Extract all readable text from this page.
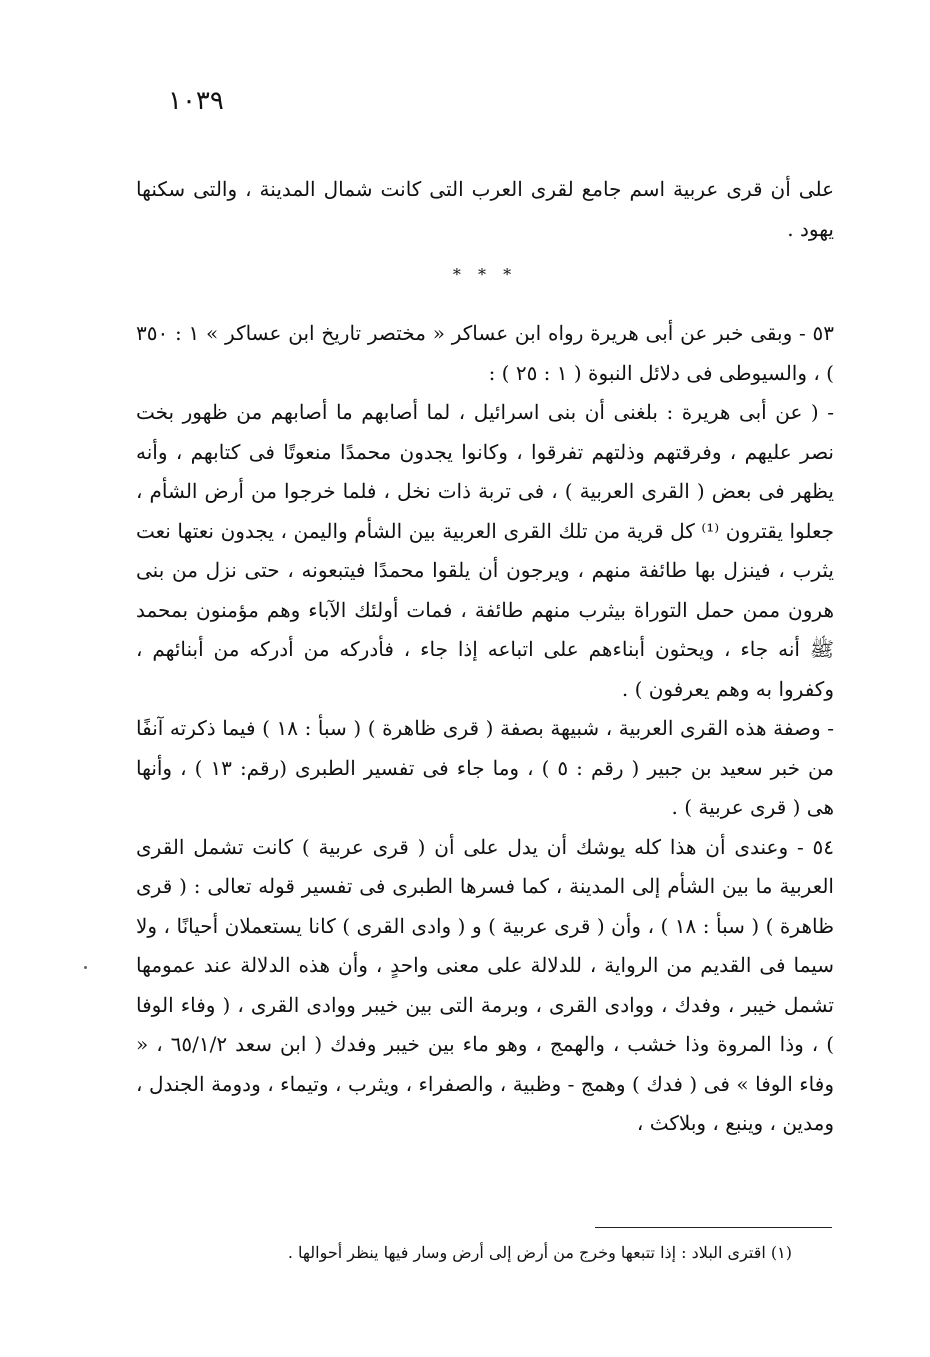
١٠٣٩

على أن قرى عربية اسم جامع لقرى العرب التى كانت شمال المدينة ، والتى سكنها يهود .

* * *

٥٣ - وبقى خبر عن أبى هريرة رواه ابن عساكر « مختصر تاريخ ابن عساكر » ١ : ٣٥٠ ) ، والسيوطى فى دلائل النبوة ( ١ : ٢٥ ) :

- ( عن أبى هريرة : بلغنى أن بنى اسرائيل ، لما أصابهم ما أصابهم من ظهور بخت نصر عليهم ، وفرقتهم وذلتهم تفرقوا ، وكانوا يجدون محمدًا منعوتًا فى كتابهم ، وأنه يظهر فى بعض ( القرى العربية ) ، فى تربة ذات نخل ، فلما خرجوا من أرض الشأم ، جعلوا يقترون ⁽¹⁾ كل قرية من تلك القرى العربية بين الشأم واليمن ، يجدون نعتها نعت يثرب ، فينزل بها طائفة منهم ، ويرجون أن يلقوا محمدًا فيتبعونه ، حتى نزل من بنى هرون ممن حمل التوراة بيثرب منهم طائفة ، فمات أولئك الآباء وهم مؤمنون بمحمد ﷺ أنه جاء ، ويحثون أبناءهم على اتباعه إذا جاء ، فأدركه من أدركه من أبنائهم ، وكفروا به وهم يعرفون ) .

- وصفة هذه القرى العربية ، شبيهة بصفة ( قرى ظاهرة ) ( سبأ : ١٨ ) فيما ذكرته آنفًا من خبر سعيد بن جبير ( رقم : ٥ ) ، وما جاء فى تفسير الطبرى (رقم: ١٣ ) ، وأنها هى ( قرى عربية ) .

٥٤ - وعندى أن هذا كله يوشك أن يدل على أن ( قرى عربية ) كانت تشمل القرى العربية ما بين الشأم إلى المدينة ، كما فسرها الطبرى فى تفسير قوله تعالى : ( قرى ظاهرة ) ( سبأ : ١٨ ) ، وأن ( قرى عربية ) و ( وادى القرى ) كانا يستعملان أحيانًا ، ولا سيما فى القديم من الرواية ، للدلالة على معنى واحدٍ ، وأن هذه الدلالة عند عمومها تشمل خيبر ، وفدك ، ووادى القرى ، وبرمة التى بين خيبر ووادى القرى ، ( وفاء الوفا ) ، وذا المروة وذا خشب ، والهمج ، وهو ماء بين خيبر وفدك ( ابن سعد ٦٥/١/٢ ، « وفاء الوفا » فى ( فدك ) وهمج - وظبية ، والصفراء ، ويثرب ، وتيماء ، ودومة الجندل ، ومدين ، وينبع ، وبلاكث ،

(١) اقترى البلاد : إذا تتبعها وخرج من أرض إلى أرض وسار فيها ينظر أحوالها .
